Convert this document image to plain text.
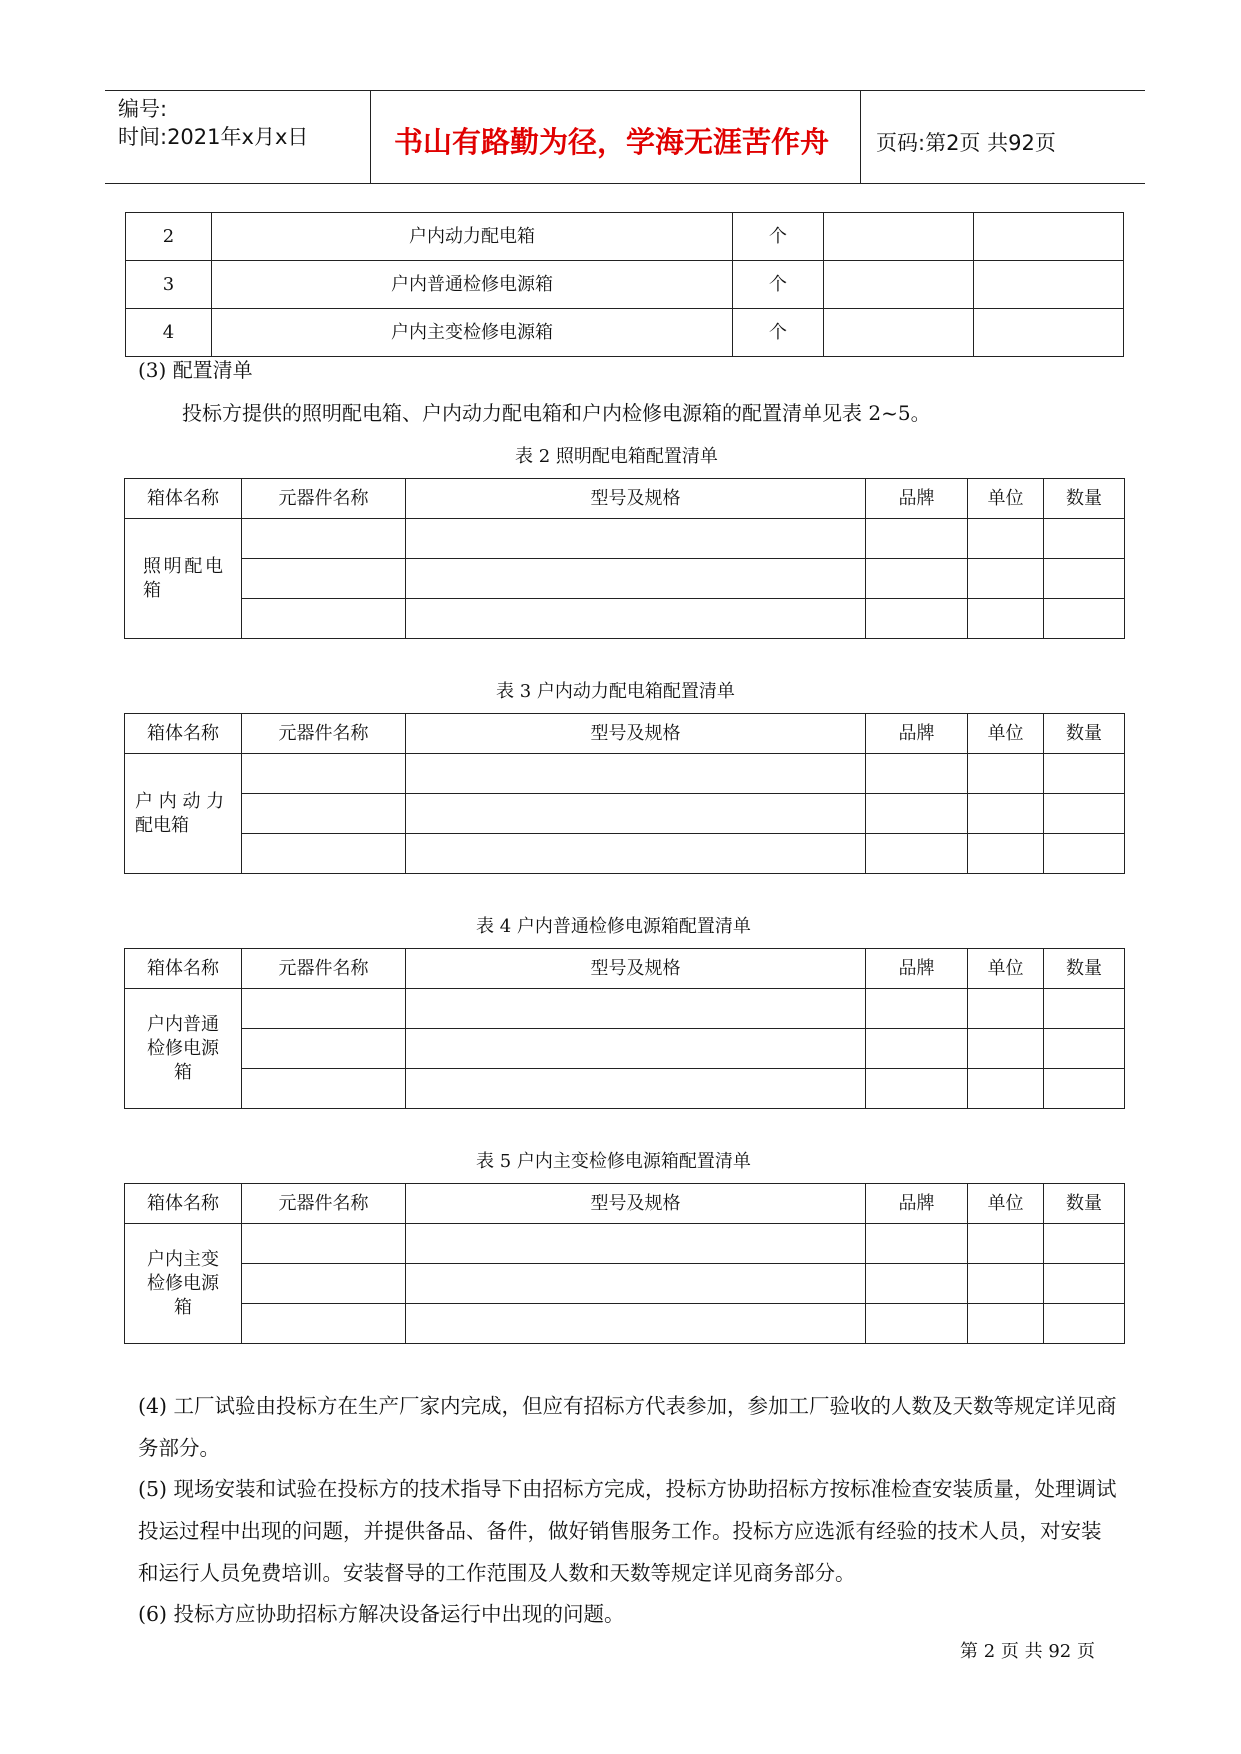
编号:
时间:2021年x月x日	书山有路勤为径，学海无涯苦作舟 页码:第2页 共92页
2	户内动力配电箱	个		
3	户内普通检修电源箱	个		
4	户内主变检修电源箱	个		
(3) 配置清单
投标方提供的照明配电箱、户内动力配电箱和户内检修电源箱的配置清单见表 2~5。
表 2 照明配电箱配置清单
箱体名称	元器件名称	型号及规格	品牌	单位	数量

照明配电箱					

表 3 户内动力配电箱配置清单
箱体名称	元器件名称	型号及规格	品牌	单位	数量

户 内 动 力 配电箱					

表 4 户内普通检修电源箱配置清单
箱体名称	元器件名称	型号及规格	品牌	单位	数量

户内普通检修电源箱					

表 5 户内主变检修电源箱配置清单
箱体名称	元器件名称	型号及规格	品牌	单位	数量

户内主变检修电源箱					

(4) 工厂试验由投标方在生产厂家内完成，但应有招标方代表参加，参加工厂验收的人数及天数等规定详见商务部分。
(5) 现场安装和试验在投标方的技术指导下由招标方完成，投标方协助招标方按标准检查安装质量，处理调试投运过程中出现的问题，并提供备品、备件，做好销售服务工作。投标方应选派有经验的技术人员，对安装和运行人员免费培训。安装督导的工作范围及人数和天数等规定详见商务部分。
(6) 投标方应协助招标方解决设备运行中出现的问题。
第 2 页 共 92 页
